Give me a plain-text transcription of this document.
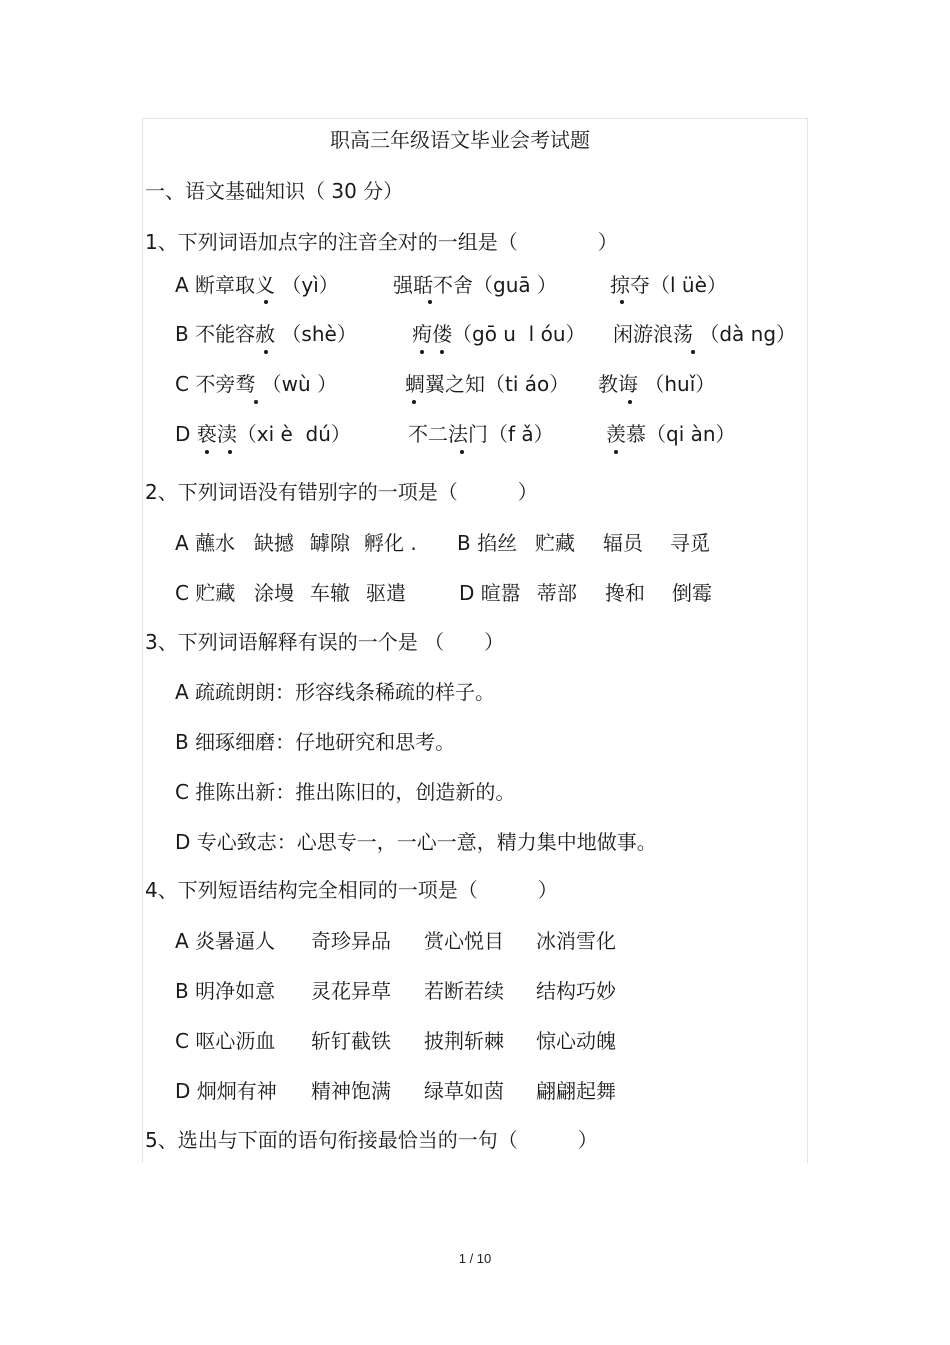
职高三年级语文毕业会考试题
一、语文基础知识（ 30 分）
1、下列词语加点字的注音全对的一组是（　　　　）
A 断章取义 （yì）	强聒不舍（guā ）	掠夺（l üè）
B 不能容赦 （shè）	痀偻（gō u  l óu） 闲游浪荡 （dà ng）
C 不旁骛 （wù ）	蜩翼之知（ti áo） 教诲 （huǐ）
D 亵渎（xi è  dú）	不二法门（f ǎ）	羡慕（qi àn）
2、下列词语没有错别字的一项是（　　　）
A 蘸水 缺撼 罅隙 孵化 . B 掐丝 贮藏 辐员 寻觅
C 贮藏 涂墁 车辙 驱遣	D 暄嚣 蒂部 搀和 倒霉
3、下列词语解释有误的一个是 （　　）
A 疏疏朗朗：形容线条稀疏的样子。
B 细琢细磨：仔地研究和思考。
C 推陈出新：推出陈旧的，创造新的。
D 专心致志：心思专一，一心一意，精力集中地做事。
4、下列短语结构完全相同的一项是（　　　）
A 炎暑逼人 奇珍异品 赏心悦目 冰消雪化
B 明净如意 灵花异草 若断若续 结构巧妙
C 呕心沥血 斩钉截铁 披荆斩棘 惊心动魄
D 炯炯有神 精神饱满 绿草如茵 翩翩起舞
5、选出与下面的语句衔接最恰当的一句（　　　）
1 / 10
